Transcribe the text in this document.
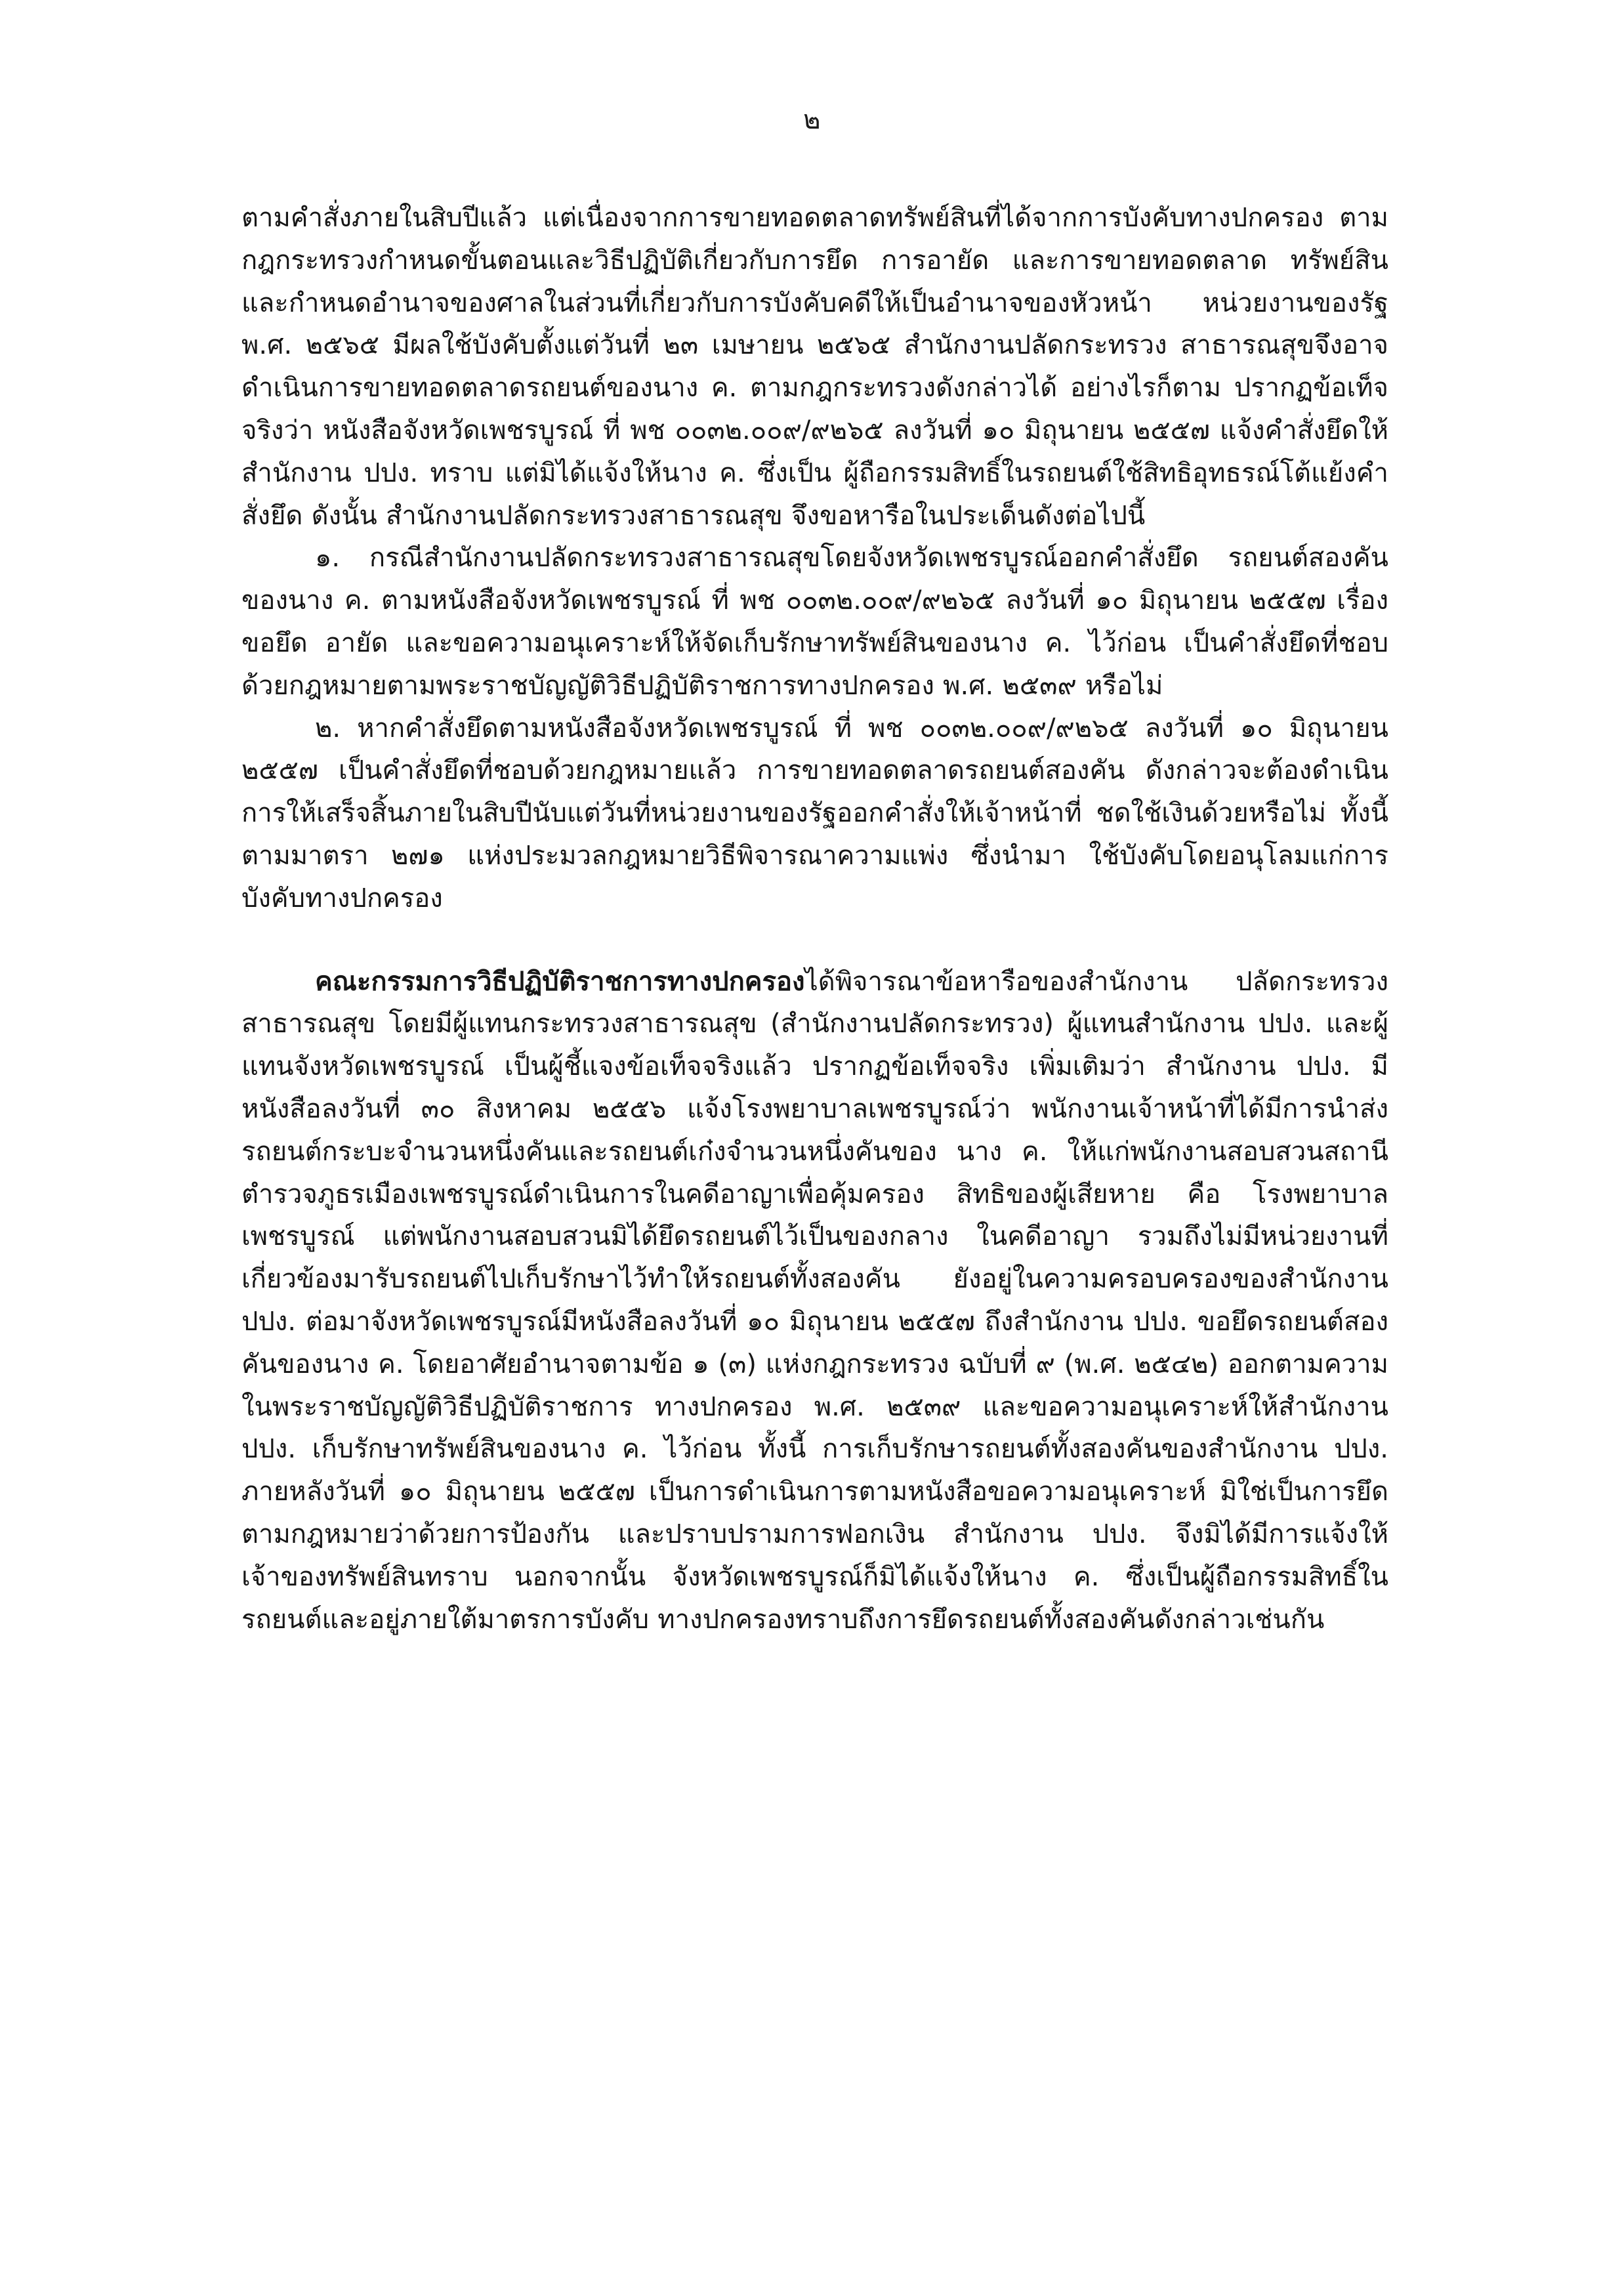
๒

ตามคำสั่งภายในสิบปีแล้ว แต่เนื่องจากการขายทอดตลาดทรัพย์สินที่ได้จากการบังคับทางปกครอง ตามกฎกระทรวงกำหนดขั้นตอนและวิธีปฏิบัติเกี่ยวกับการยึด การอายัด และการขายทอดตลาด ทรัพย์สิน และกำหนดอำนาจของศาลในส่วนที่เกี่ยวกับการบังคับคดีให้เป็นอำนาจของหัวหน้า หน่วยงานของรัฐ พ.ศ. ๒๕๖๕ มีผลใช้บังคับตั้งแต่วันที่ ๒๓ เมษายน ๒๕๖๕ สำนักงานปลัดกระทรวง สาธารณสุขจึงอาจดำเนินการขายทอดตลาดรถยนต์ของนาง ค. ตามกฎกระทรวงดังกล่าวได้ อย่างไรก็ตาม ปรากฏข้อเท็จจริงว่า หนังสือจังหวัดเพชรบูรณ์ ที่ พช ๐๐๓๒.๐๐๙/๙๒๖๕ ลงวันที่ ๑๐ มิถุนายน ๒๕๕๗ แจ้งคำสั่งยึดให้สำนักงาน ปปง. ทราบ แต่มิได้แจ้งให้นาง ค. ซึ่งเป็น ผู้ถือกรรมสิทธิ์ในรถยนต์ใช้สิทธิอุทธรณ์โต้แย้งคำสั่งยึด ดังนั้น สำนักงานปลัดกระทรวงสาธารณสุข จึงขอหารือในประเด็นดังต่อไปนี้

๑. กรณีสำนักงานปลัดกระทรวงสาธารณสุขโดยจังหวัดเพชรบูรณ์ออกคำสั่งยึด รถยนต์สองคันของนาง ค. ตามหนังสือจังหวัดเพชรบูรณ์ ที่ พช ๐๐๓๒.๐๐๙/๙๒๖๕ ลงวันที่ ๑๐ มิถุนายน ๒๕๕๗ เรื่อง ขอยึด อายัด และขอความอนุเคราะห์ให้จัดเก็บรักษาทรัพย์สินของนาง ค. ไว้ก่อน เป็นคำสั่งยึดที่ชอบด้วยกฎหมายตามพระราชบัญญัติวิธีปฏิบัติราชการทางปกครอง พ.ศ. ๒๕๓๙ หรือไม่

๒. หากคำสั่งยึดตามหนังสือจังหวัดเพชรบูรณ์ ที่ พช ๐๐๓๒.๐๐๙/๙๒๖๕ ลงวันที่ ๑๐ มิถุนายน ๒๕๕๗ เป็นคำสั่งยึดที่ชอบด้วยกฎหมายแล้ว การขายทอดตลาดรถยนต์สองคัน ดังกล่าวจะต้องดำเนินการให้เสร็จสิ้นภายในสิบปีนับแต่วันที่หน่วยงานของรัฐออกคำสั่งให้เจ้าหน้าที่ ชดใช้เงินด้วยหรือไม่ ทั้งนี้ ตามมาตรา ๒๗๑ แห่งประมวลกฎหมายวิธีพิจารณาความแพ่ง ซึ่งนำมา ใช้บังคับโดยอนุโลมแก่การบังคับทางปกครอง

คณะกรรมการวิธีปฏิบัติราชการทางปกครองได้พิจารณาข้อหารือของสำนักงาน ปลัดกระทรวงสาธารณสุข โดยมีผู้แทนกระทรวงสาธารณสุข (สำนักงานปลัดกระทรวง) ผู้แทนสำนักงาน ปปง. และผู้แทนจังหวัดเพชรบูรณ์ เป็นผู้ชี้แจงข้อเท็จจริงแล้ว ปรากฏข้อเท็จจริง เพิ่มเติมว่า สำนักงาน ปปง. มีหนังสือลงวันที่ ๓๐ สิงหาคม ๒๕๕๖ แจ้งโรงพยาบาลเพชรบูรณ์ว่า พนักงานเจ้าหน้าที่ได้มีการนำส่งรถยนต์กระบะจำนวนหนึ่งคันและรถยนต์เก๋งจำนวนหนึ่งคันของ นาง ค. ให้แก่พนักงานสอบสวนสถานีตำรวจภูธรเมืองเพชรบูรณ์ดำเนินการในคดีอาญาเพื่อคุ้มครอง สิทธิของผู้เสียหาย คือ โรงพยาบาลเพชรบูรณ์ แต่พนักงานสอบสวนมิได้ยึดรถยนต์ไว้เป็นของกลาง ในคดีอาญา รวมถึงไม่มีหน่วยงานที่เกี่ยวข้องมารับรถยนต์ไปเก็บรักษาไว้ทำให้รถยนต์ทั้งสองคัน ยังอยู่ในความครอบครองของสำนักงาน ปปง. ต่อมาจังหวัดเพชรบูรณ์มีหนังสือลงวันที่ ๑๐ มิถุนายน ๒๕๕๗ ถึงสำนักงาน ปปง. ขอยึดรถยนต์สองคันของนาง ค. โดยอาศัยอำนาจตามข้อ ๑ (๓) แห่งกฎกระทรวง ฉบับที่ ๙ (พ.ศ. ๒๕๔๒) ออกตามความในพระราชบัญญัติวิธีปฏิบัติราชการ ทางปกครอง พ.ศ. ๒๕๓๙ และขอความอนุเคราะห์ให้สำนักงาน ปปง. เก็บรักษาทรัพย์สินของนาง ค. ไว้ก่อน ทั้งนี้ การเก็บรักษารถยนต์ทั้งสองคันของสำนักงาน ปปง. ภายหลังวันที่ ๑๐ มิถุนายน ๒๕๕๗ เป็นการดำเนินการตามหนังสือขอความอนุเคราะห์ มิใช่เป็นการยึดตามกฎหมายว่าด้วยการป้องกัน และปราบปรามการฟอกเงิน สำนักงาน ปปง. จึงมิได้มีการแจ้งให้เจ้าของทรัพย์สินทราบ นอกจากนั้น จังหวัดเพชรบูรณ์ก็มิได้แจ้งให้นาง ค. ซึ่งเป็นผู้ถือกรรมสิทธิ์ในรถยนต์และอยู่ภายใต้มาตรการบังคับ ทางปกครองทราบถึงการยึดรถยนต์ทั้งสองคันดังกล่าวเช่นกัน
